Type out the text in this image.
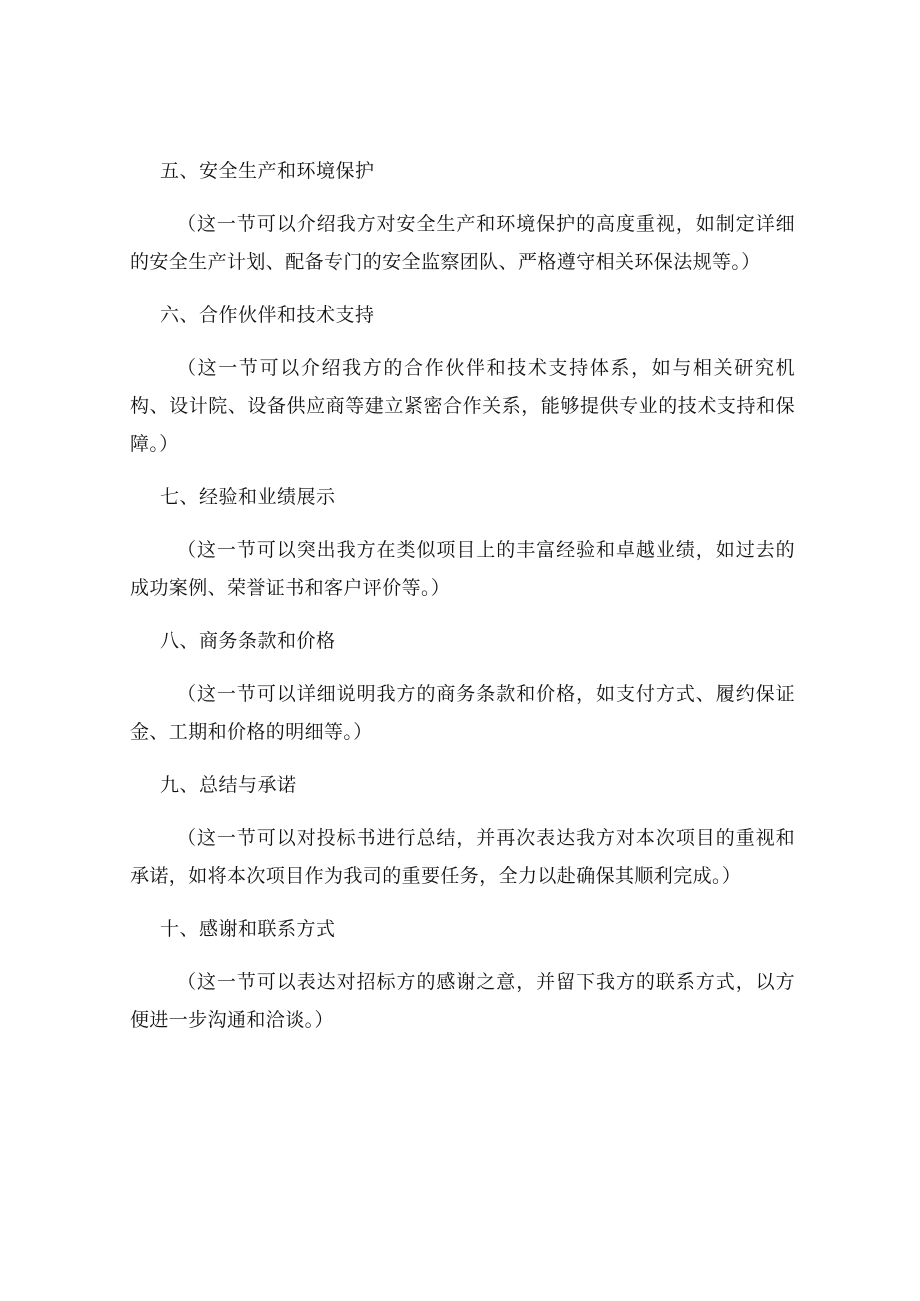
五、安全生产和环境保护

（这一节可以介绍我方对安全生产和环境保护的高度重视，如制定详细的安全生产计划、配备专门的安全监察团队、严格遵守相关环保法规等。）

六、合作伙伴和技术支持

（这一节可以介绍我方的合作伙伴和技术支持体系，如与相关研究机构、设计院、设备供应商等建立紧密合作关系，能够提供专业的技术支持和保障。）

七、经验和业绩展示

（这一节可以突出我方在类似项目上的丰富经验和卓越业绩，如过去的成功案例、荣誉证书和客户评价等。）

八、商务条款和价格

（这一节可以详细说明我方的商务条款和价格，如支付方式、履约保证金、工期和价格的明细等。）

九、总结与承诺

（这一节可以对投标书进行总结，并再次表达我方对本次项目的重视和承诺，如将本次项目作为我司的重要任务，全力以赴确保其顺利完成。）

十、感谢和联系方式

（这一节可以表达对招标方的感谢之意，并留下我方的联系方式，以方便进一步沟通和洽谈。）
